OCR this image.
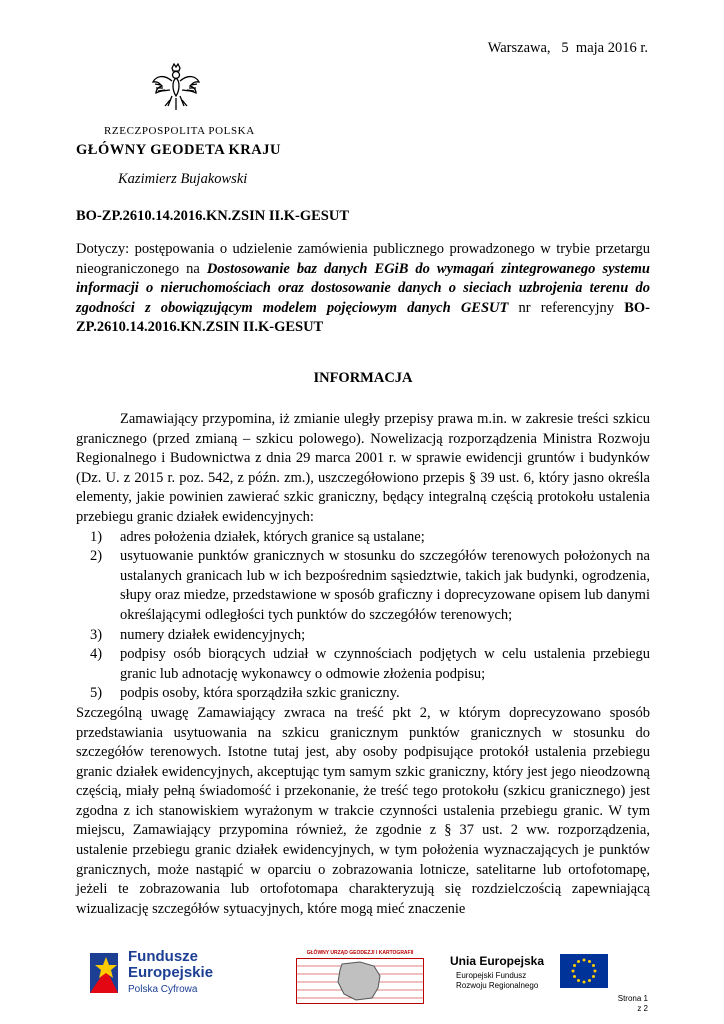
Warszawa,   5  maja 2016 r.
RZECZPOSPOLITA POLSKA
GŁÓWNY GEODETA KRAJU
Kazimierz Bujakowski
BO-ZP.2610.14.2016.KN.ZSIN II.K-GESUT
Dotyczy: postępowania o udzielenie zamówienia publicznego prowadzonego w trybie przetargu nieograniczonego na Dostosowanie baz danych EGiB do wymagań zintegrowanego systemu informacji o nieruchomościach oraz dostosowanie danych o sieciach uzbrojenia terenu do zgodności z obowiązującym modelem pojęciowym danych GESUT nr referencyjny BO-ZP.2610.14.2016.KN.ZSIN II.K-GESUT
INFORMACJA

Zamawiający przypomina, iż zmianie uległy przepisy prawa m.in. w zakresie treści szkicu granicznego (przed zmianą – szkicu polowego). Nowelizacją rozporządzenia Ministra Rozwoju Regionalnego i Budownictwa z dnia 29 marca 2001 r. w sprawie ewidencji gruntów i budynków (Dz. U. z 2015 r. poz. 542, z późn. zm.), uszczegółowiono przepis § 39 ust. 6, który jasno określa elementy, jakie powinien zawierać szkic graniczny, będący integralną częścią protokołu ustalenia przebiegu granic działek ewidencyjnych:

1) adres położenia działek, których granice są ustalane;
2) usytuowanie punktów granicznych w stosunku do szczegółów terenowych położonych na ustalanych granicach lub w ich bezpośrednim sąsiedztwie, takich jak budynki, ogrodzenia, słupy oraz miedze, przedstawione w sposób graficzny i doprecyzowane opisem lub danymi określającymi odległości tych punktów do szczegółów terenowych;
3) numery działek ewidencyjnych;
4) podpisy osób biorących udział w czynnościach podjętych w celu ustalenia przebiegu granic lub adnotację wykonawcy o odmowie złożenia podpisu;
5) podpis osoby, która sporządziła szkic graniczny.

Szczególną uwagę Zamawiający zwraca na treść pkt 2, w którym doprecyzowano sposób przedstawiania usytuowania na szkicu granicznym punktów granicznych w stosunku do szczegółów terenowych. Istotne tutaj jest, aby osoby podpisujące protokół ustalenia przebiegu granic działek ewidencyjnych, akceptując tym samym szkic graniczny, który jest jego nieodzowną częścią, miały pełną świadomość i przekonanie, że treść tego protokołu (szkicu granicznego) jest zgodna z ich stanowiskiem wyrażonym w trakcie czynności ustalenia przebiegu granic. W tym miejscu, Zamawiający przypomina również, że zgodnie z § 37 ust. 2 ww. rozporządzenia, ustalenie przebiegu granic działek ewidencyjnych, w tym położenia wyznaczających je punktów granicznych, może nastąpić w oparciu o zobrazowania lotnicze, satelitarne lub ortofotomapę, jeżeli te zobrazowania lub ortofotomapa charakteryzują się rozdzielczością zapewniającą wizualizację szczegółów sytuacyjnych, które mogą mieć znaczenie

Fundusze
Europejskie
Polska Cyfrowa
GŁÓWNY URZĄD GEODEZJI I KARTOGRAFII
Unia Europejska
Europejski Fundusz
Rozwoju Regionalnego
Strona 1
z 2
